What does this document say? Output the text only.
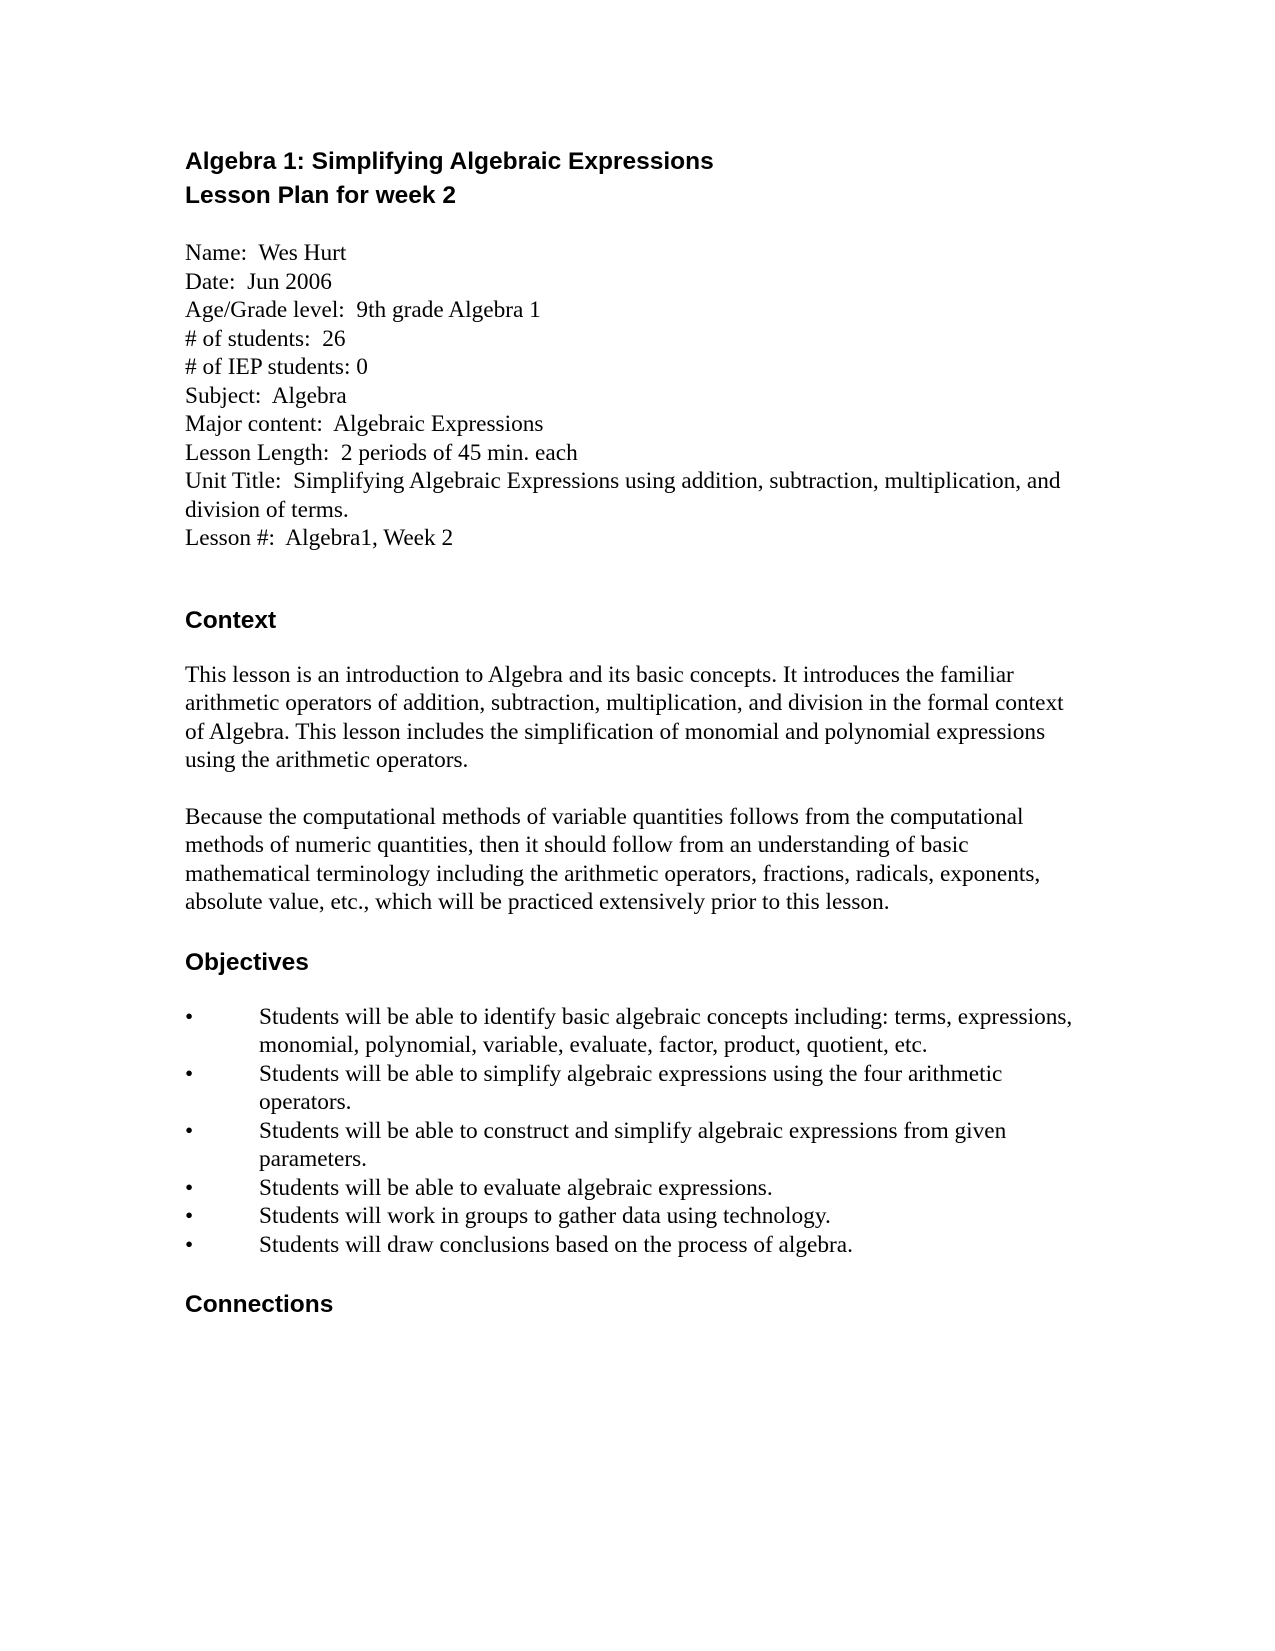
Algebra 1: Simplifying Algebraic Expressions
Lesson Plan for week 2
Name:  Wes Hurt
Date:  Jun 2006
Age/Grade level:  9th grade Algebra 1
# of students:  26
# of IEP students: 0
Subject:  Algebra
Major content:  Algebraic Expressions
Lesson Length:  2 periods of 45 min. each
Unit Title:  Simplifying Algebraic Expressions using addition, subtraction, multiplication, and division of terms.
Lesson #:  Algebra1, Week 2
Context

This lesson is an introduction to Algebra and its basic concepts. It introduces the familiar arithmetic operators of addition, subtraction, multiplication, and division in the formal context of Algebra. This lesson includes the simplification of monomial and polynomial expressions using the arithmetic operators.

Because the computational methods of variable quantities follows from the computational methods of numeric quantities, then it should follow from an understanding of basic mathematical terminology including the arithmetic operators, fractions, radicals, exponents, absolute value, etc., which will be practiced extensively prior to this lesson.

Objectives
•	Students will be able to identify basic algebraic concepts including: terms, expressions, monomial, polynomial, variable, evaluate, factor, product, quotient, etc.
•	Students will be able to simplify algebraic expressions using the four arithmetic operators.
•	Students will be able to construct and simplify algebraic expressions from given parameters.
•	Students will be able to evaluate algebraic expressions.
•	Students will work in groups to gather data using technology.
•	Students will draw conclusions based on the process of algebra.
Connections
